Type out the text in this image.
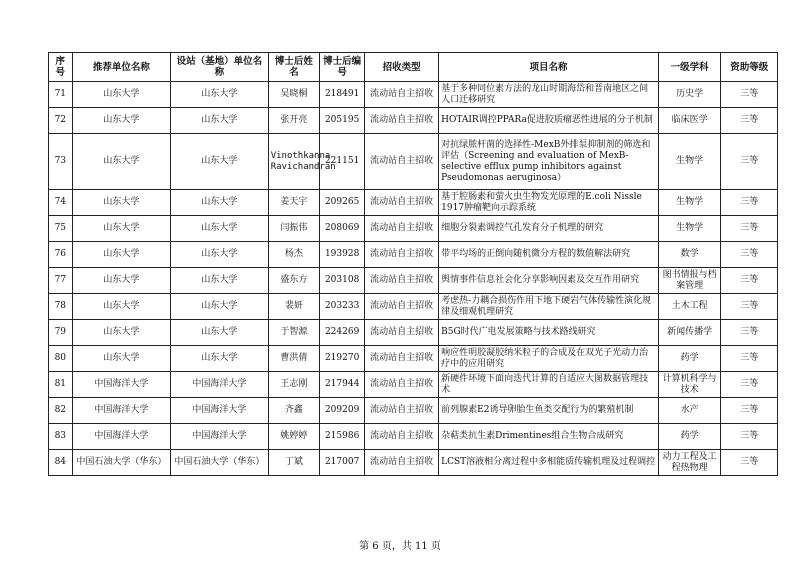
序号	推荐单位名称	设站（基地）单位名称	博士后姓 名	博士后编 号	招收类型	项目名称	一级学科	资助等级
71	山东大学	山东大学	吴晓桐	218491	流动站自主招收	基于多种同位素方法的龙山时期海岱和晋南地区之间人口迁移研究	历史学	三等
72	山东大学	山东大学	张开亮	205195	流动站自主招收	HOTAIR调控PPARa促进胶质瘤恶性进展的分子机制	临床医学	三等
73	山东大学	山东大学	Vinothkanna Ravichandran	221151	流动站自主招收	对抗绿脓杆菌的选择性-MexB外排泵抑制剂的筛选和评估（Screening and evaluation of MexB-selective efflux pump inhibitors against Pseudomonas aeruginosa）	生物学	三等
74	山东大学	山东大学	姜天宇	209265	流动站自主招收	基于腔肠素和萤火虫生物发光原理的E.coli Nissle 1917肿瘤靶向示踪系统	生物学	三等
75	山东大学	山东大学	闫振伟	208069	流动站自主招收	细胞分裂素调控气孔发育分子机理的研究	生物学	三等
76	山东大学	山东大学	杨杰	193928	流动站自主招收	带平均场的正倒向随机微分方程的数值解法研究	数学	三等
77	山东大学	山东大学	盛东方	203108	流动站自主招收	舆情事件信息社会化分享影响因素及交互作用研究	图书情报与档案管理	三等
78	山东大学	山东大学	裴妍	203233	流动站自主招收	考虑热-力耦合损伤作用下地下硬岩气体传输性演化规律及细观机理研究	土木工程	三等
79	山东大学	山东大学	于智源	224269	流动站自主招收	B5G时代广电发展策略与技术路线研究	新闻传播学	三等
80	山东大学	山东大学	曹洪倩	219270	流动站自主招收	响应性明胶凝胶纳米粒子的合成及在双光子光动力治疗中的应用研究	药学	三等
81	中国海洋大学	中国海洋大学	王志刚	217944	流动站自主招收	新硬件环境下面向迭代计算的自适应大图数据管理技术	计算机科学与技术	三等
82	中国海洋大学	中国海洋大学	齐鑫	209209	流动站自主招收	前列腺素E2诱导卵胎生鱼类交配行为的繁殖机制	水产	三等
83	中国海洋大学	中国海洋大学	姚婷婷	215986	流动站自主招收	杂萜类抗生素Drimentines组合生物合成研究	药学	三等
84	中国石油大学（华东）	中国石油大学（华东）	丁斌	217007	流动站自主招收	LCST溶液相分离过程中多相能质传输机理及过程调控	动力工程及工程热物理	三等
第 6 页，共 11 页
